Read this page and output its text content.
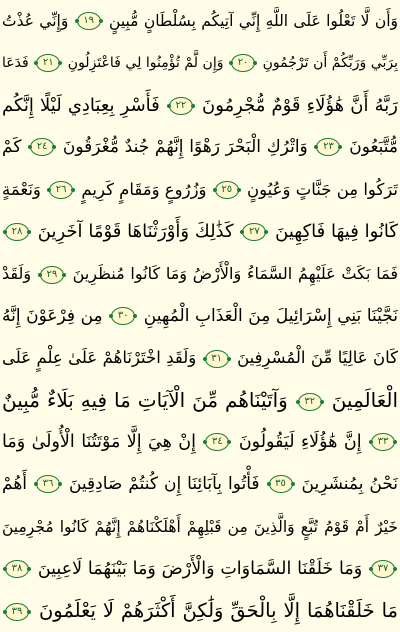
وَأَن لَّا تَعْلُوا عَلَى اللَّهِ إِنِّي آتِيكُم بِسُلْطَانٍ مُّبِينٍ
١٩
وَإِنِّي عُذْتُ
بِرَبِّي وَرَبِّكُمْ أَن تَرْجُمُونِ
٢٠
وَإِن لَّمْ تُؤْمِنُوا لِي فَاعْتَزِلُونِ
٢١
فَدَعَا
رَبَّهُ أَنَّ هَٰؤُلَاءِ قَوْمٌ مُّجْرِمُونَ
٢٢
فَأَسْرِ بِعِبَادِي لَيْلًا إِنَّكُم
مُّتَّبَعُونَ
٢٣
وَاتْرُكِ الْبَحْرَ رَهْوًا إِنَّهُمْ جُندٌ مُّغْرَقُونَ
٢٤
كَمْ
تَرَكُوا مِن جَنَّاتٍ وَعُيُونٍ
٢٥
وَزُرُوعٍ وَمَقَامٍ كَرِيمٍ
٢٦
وَنَعْمَةٍ
كَانُوا فِيهَا فَاكِهِينَ
٢٧
كَذَٰلِكَ وَأَوْرَثْنَاهَا قَوْمًا آخَرِينَ
٢٨
فَمَا بَكَتْ عَلَيْهِمُ السَّمَاءُ وَالْأَرْضُ وَمَا كَانُوا مُنظَرِينَ
٢٩
وَلَقَدْ
نَجَّيْنَا بَنِي إِسْرَائِيلَ مِنَ الْعَذَابِ الْمُهِينِ
٣٠
مِن فِرْعَوْنَ إِنَّهُ
كَانَ عَالِيًا مِّنَ الْمُسْرِفِينَ
٣١
وَلَقَدِ اخْتَرْنَاهُمْ عَلَىٰ عِلْمٍ عَلَى
الْعَالَمِينَ
٣٢
وَآتَيْنَاهُم مِّنَ الْآيَاتِ مَا فِيهِ بَلَاءٌ مُّبِينٌ
٣٣
إِنَّ هَٰؤُلَاءِ لَيَقُولُونَ
٣٤
إِنْ هِيَ إِلَّا مَوْتَتُنَا الْأُولَىٰ وَمَا
نَحْنُ بِمُنشَرِينَ
٣٥
فَأْتُوا بِآبَائِنَا إِن كُنتُمْ صَادِقِينَ
٣٦
أَهُمْ
خَيْرٌ أَمْ قَوْمُ تُبَّعٍ وَالَّذِينَ مِن قَبْلِهِمْ أَهْلَكْنَاهُمْ إِنَّهُمْ كَانُوا مُجْرِمِينَ
٣٧
وَمَا خَلَقْنَا السَّمَاوَاتِ وَالْأَرْضَ وَمَا بَيْنَهُمَا لَاعِبِينَ
٣٨
مَا خَلَقْنَاهُمَا إِلَّا بِالْحَقِّ وَلَٰكِنَّ أَكْثَرَهُمْ لَا يَعْلَمُونَ
٣٩
